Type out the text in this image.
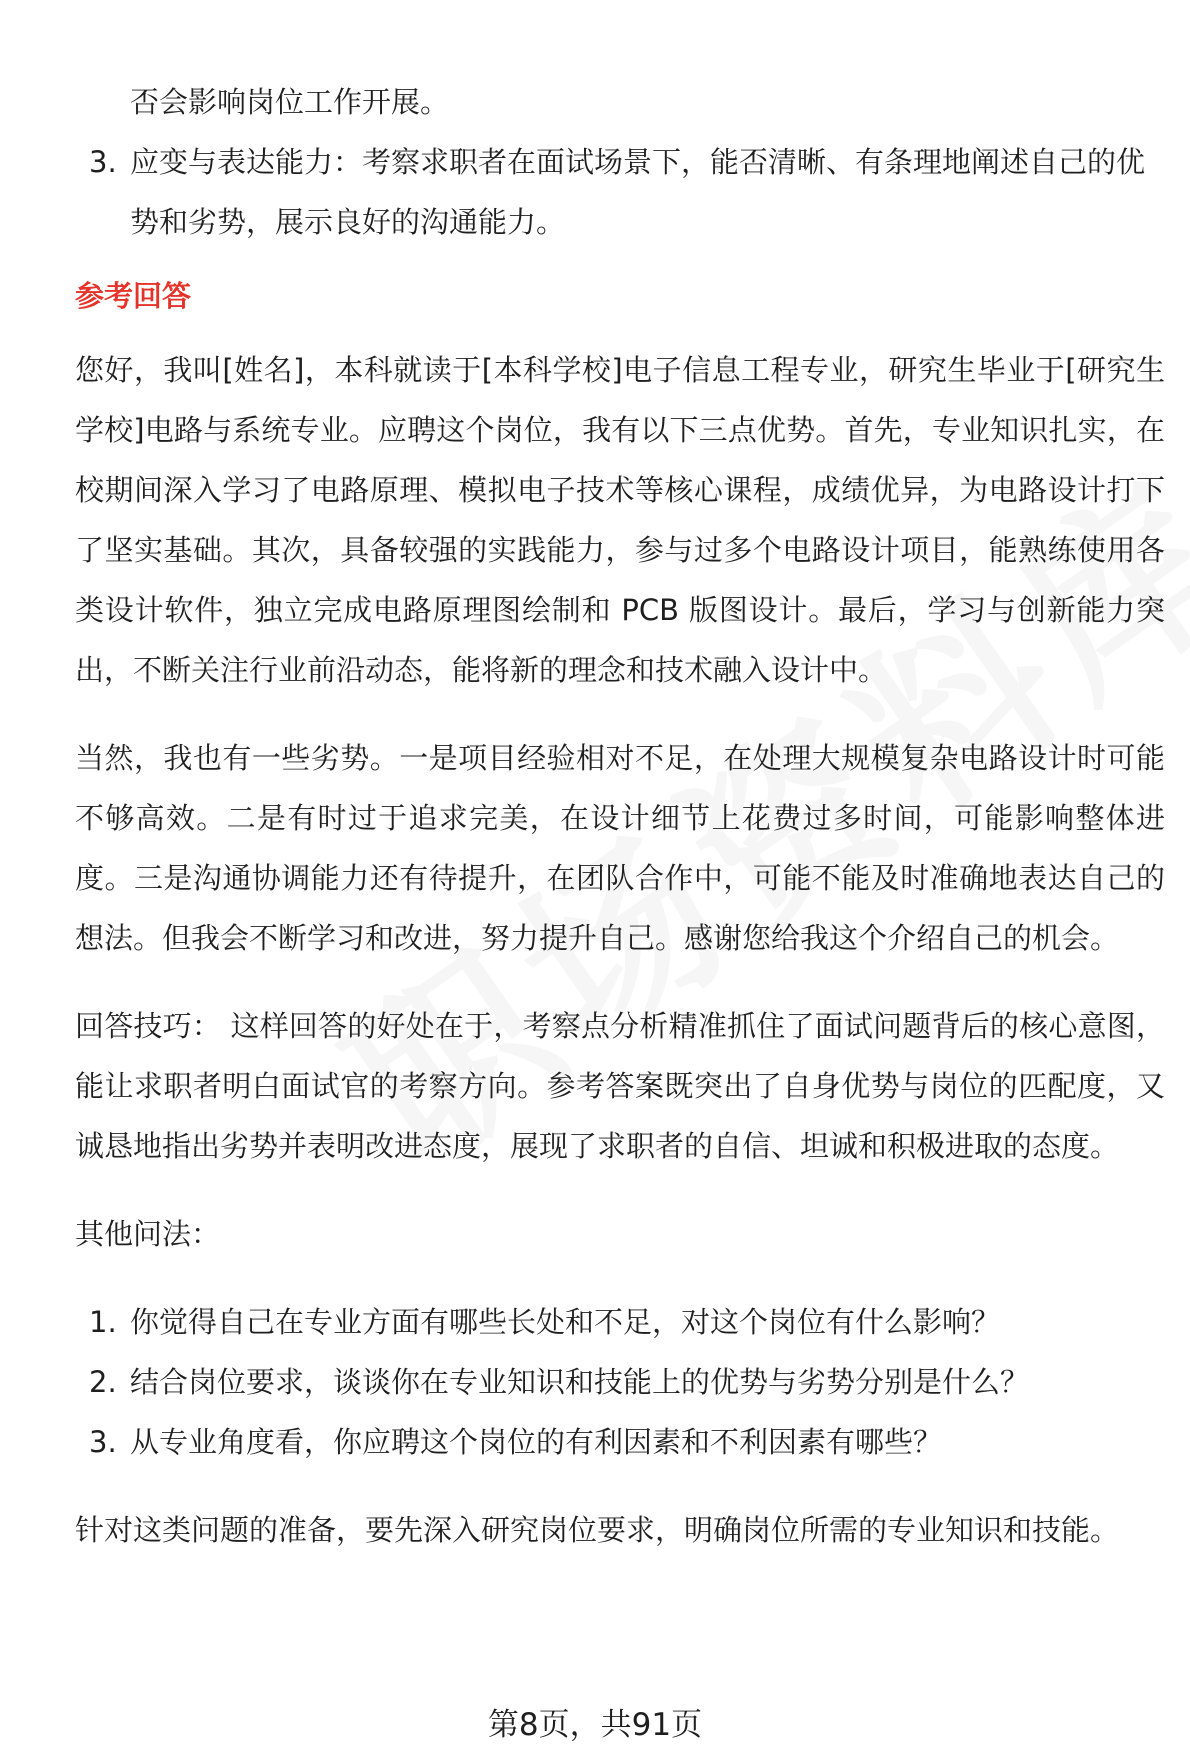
否会影响岗位工作开展。
3. 应变与表达能力：考察求职者在面试场景下，能否清晰、有条理地阐述自己的优势和劣势，展示良好的沟通能力。
参考回答

您好，我叫[姓名]，本科就读于[本科学校]电子信息工程专业，研究生毕业于[研究生学校]电路与系统专业。应聘这个岗位，我有以下三点优势。首先，专业知识扎实，在校期间深入学习了电路原理、模拟电子技术等核心课程，成绩优异，为电路设计打下了坚实基础。其次，具备较强的实践能力，参与过多个电路设计项目，能熟练使用各类设计软件，独立完成电路原理图绘制和 PCB 版图设计。最后，学习与创新能力突出，不断关注行业前沿动态，能将新的理念和技术融入设计中。

当然，我也有一些劣势。一是项目经验相对不足，在处理大规模复杂电路设计时可能不够高效。二是有时过于追求完美，在设计细节上花费过多时间，可能影响整体进度。三是沟通协调能力还有待提升，在团队合作中，可能不能及时准确地表达自己的想法。但我会不断学习和改进，努力提升自己。感谢您给我这个介绍自己的机会。

回答技巧： 这样回答的好处在于，考察点分析精准抓住了面试问题背后的核心意图，能让求职者明白面试官的考察方向。参考答案既突出了自身优势与岗位的匹配度，又诚恳地指出劣势并表明改进态度，展现了求职者的自信、坦诚和积极进取的态度。

其他问法：

1. 你觉得自己在专业方面有哪些长处和不足，对这个岗位有什么影响？
2. 结合岗位要求，谈谈你在专业知识和技能上的优势与劣势分别是什么？
3. 从专业角度看，你应聘这个岗位的有利因素和不利因素有哪些？

针对这类问题的准备，要先深入研究岗位要求，明确岗位所需的专业知识和技能。

第8页，共91页
